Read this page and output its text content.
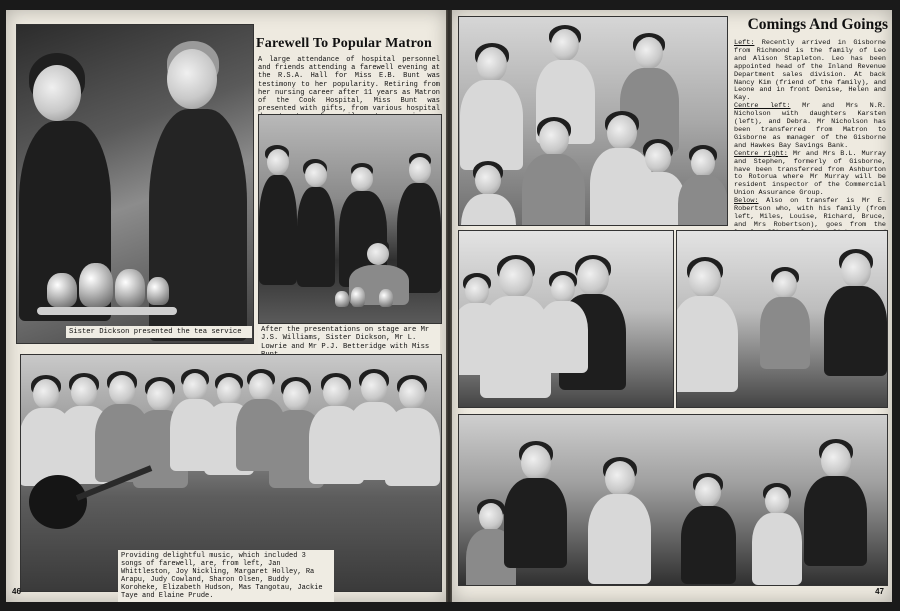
Sister Dickson presented the tea service
Farewell To Popular Matron
A large attendance of hospital personnel and friends attending a farewell evening at the R.S.A. Hall for Miss E.B. Bunt was testimony to her popularity. Retiring from her nursing career after 11 years as Matron of the Cook Hospital, Miss Bunt was presented with gifts, from various hospital
After the presentations on stage are Mr J.S. Williams, Sister Dickson, Mr L. Lowrie and Mr P.J. Betteridge with Miss
Providing delightful music, which included 3 songs of farewell, are, from left, Jan Whittleston, Joy Nickling, Margaret Holley, Ra Arapu, Judy Cowland, Sharon Olsen, Buddy Koroheke, Elizabeth Hudson, Mas Tangotau, Jackie Taye and Elaine Prude.
46
Comings And Goings
Left: Recently arrived in Gisborne from Richmond is the family of Leo and Alison Stapleton. Leo has been appointed head of the Inland Revenue Department sales division. At back Nancy Kim (friend of the family), and Leone and in front Denise, Helen and Kay.
Centre left: Mr and Mrs N.R. Nicholson with daughters Karsten (left), and Debra. Mr Nicholson has been transferred from Matron to Gisborne as manager of the Gisborne and Hawkes Bay Savings Bank.
Centre right: Mr and Mrs B.L. Murray and Stephen, formerly of Gisborne, have been transferred from Ashburton to Rotorua where Mr Murray will be resident inspector of the Commercial Union Assurance Group.
Below: Also on transfer is Mr E. Robertson who, with his family (from left, Miles, Louise, Richard, Bruce, and Mrs Robertson), goes from the
47
